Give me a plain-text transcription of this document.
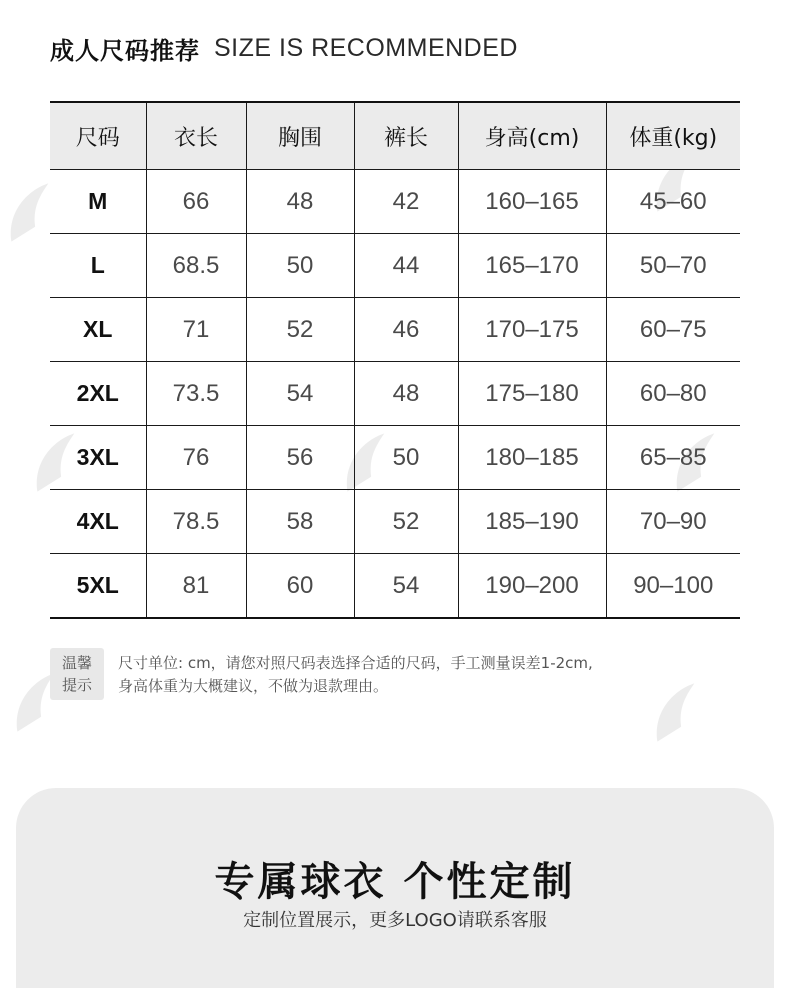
成人尺码推荐 SIZE IS RECOMMENDED
尺码	衣长	胸围	裤长	身高(cm)	体重(kg)
M	66	48	42	160–165	45–60
L	68.5	50	44	165–170	50–70
XL	71	52	46	170–175	60–75
2XL	73.5	54	48	175–180	60–80
3XL	76	56	50	180–185	65–85
4XL	78.5	58	52	185–190	70–90
5XL	81	60	54	190–200	90–100
温馨
提示

尺寸单位: cm，请您对照尺码表选择合适的尺码，手工测量误差1-2cm,

身高体重为大概建议，不做为退款理由。

专属球衣 个性定制
定制位置展示，更多LOGO请联系客服
